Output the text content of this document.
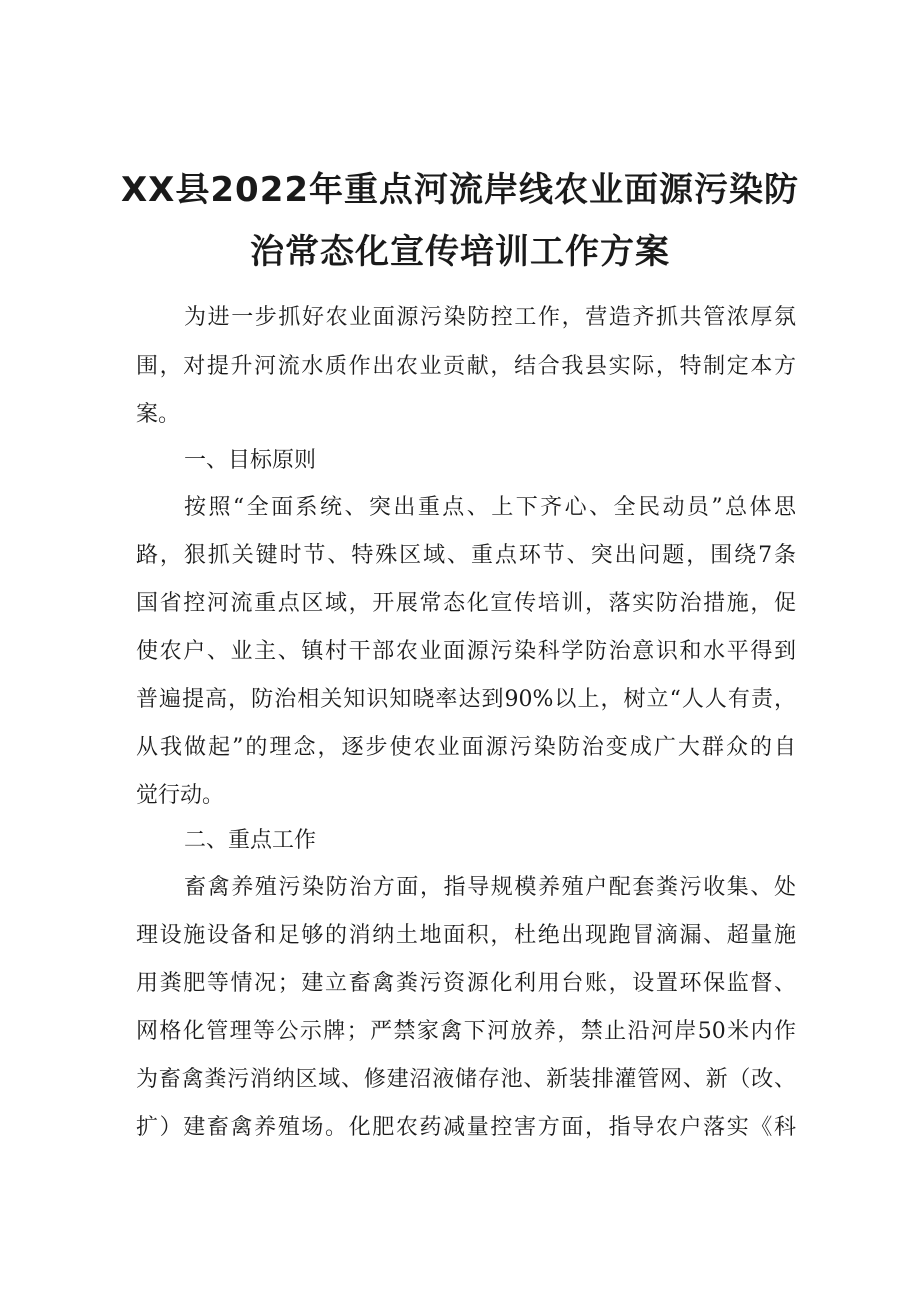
XX县2022年重点河流岸线农业面源污染防
治常态化宣传培训工作方案

为进一步抓好农业面源污染防控工作，营造齐抓共管浓厚氛

围，对提升河流水质作出农业贡献，结合我县实际，特制定本方

案。

一、目标原则

按照“全面系统、突出重点、上下齐心、全民动员”总体思

路，狠抓关键时节、特殊区域、重点环节、突出问题，围绕7条

国省控河流重点区域，开展常态化宣传培训，落实防治措施，促

使农户、业主、镇村干部农业面源污染科学防治意识和水平得到

普遍提高，防治相关知识知晓率达到90%以上，树立“人人有责，

从我做起”的理念，逐步使农业面源污染防治变成广大群众的自

觉行动。

二、重点工作

畜禽养殖污染防治方面，指导规模养殖户配套粪污收集、处

理设施设备和足够的消纳土地面积，杜绝出现跑冒滴漏、超量施

用粪肥等情况；建立畜禽粪污资源化利用台账，设置环保监督、

网格化管理等公示牌；严禁家禽下河放养，禁止沿河岸50米内作

为畜禽粪污消纳区域、修建沼液储存池、新装排灌管网、新（改、

扩）建畜禽养殖场。化肥农药减量控害方面，指导农户落实《科
